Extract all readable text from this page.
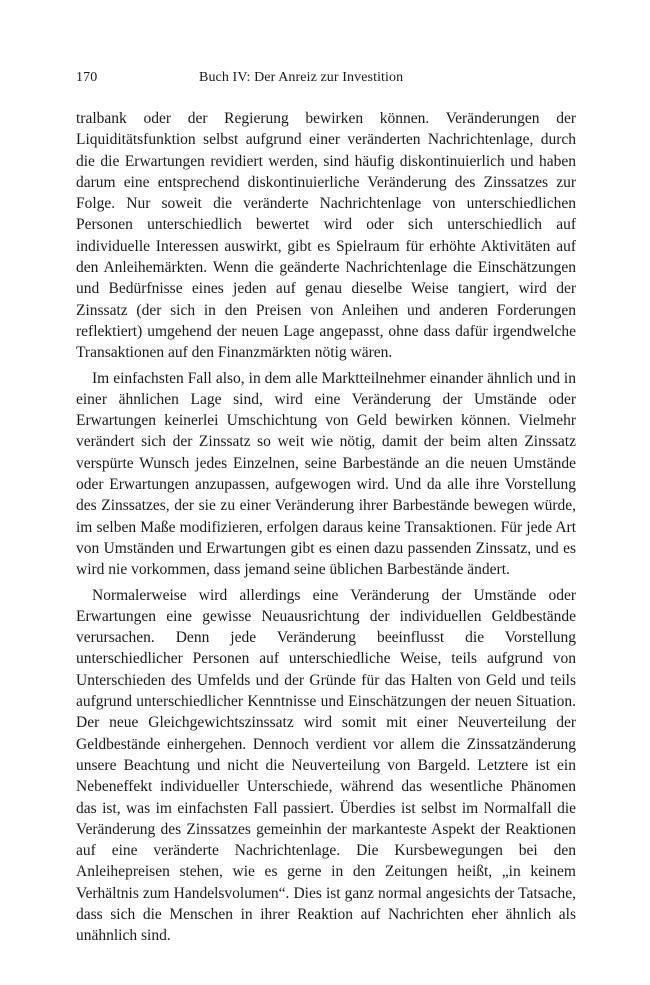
170	Buch IV: Der Anreiz zur Investition

tralbank oder der Regierung bewirken können. Veränderungen der Liquiditätsfunktion selbst aufgrund einer veränderten Nachrichtenlage, durch die die Erwartungen revidiert werden, sind häufig diskontinuierlich und haben darum eine entsprechend diskontinuierliche Veränderung des Zinssatzes zur Folge. Nur soweit die veränderte Nachrichtenlage von unterschiedlichen Personen unterschiedlich bewertet wird oder sich unterschiedlich auf individuelle Interessen auswirkt, gibt es Spielraum für erhöhte Aktivitäten auf den Anleihemärkten. Wenn die geänderte Nachrichtenlage die Einschätzungen und Bedürfnisse eines jeden auf genau dieselbe Weise tangiert, wird der Zinssatz (der sich in den Preisen von Anleihen und anderen Forderungen reflektiert) umgehend der neuen Lage angepasst, ohne dass dafür irgendwelche Transaktionen auf den Finanzmärkten nötig wären.

Im einfachsten Fall also, in dem alle Marktteilnehmer einander ähnlich und in einer ähnlichen Lage sind, wird eine Veränderung der Umstände oder Erwartungen keinerlei Umschichtung von Geld bewirken können. Vielmehr verändert sich der Zinssatz so weit wie nötig, damit der beim alten Zinssatz verspürte Wunsch jedes Einzelnen, seine Barbestände an die neuen Umstände oder Erwartungen anzupassen, aufgewogen wird. Und da alle ihre Vorstellung des Zinssatzes, der sie zu einer Veränderung ihrer Barbestände bewegen würde, im selben Maße modifizieren, erfolgen daraus keine Transaktionen. Für jede Art von Umständen und Erwartungen gibt es einen dazu passenden Zinssatz, und es wird nie vorkommen, dass jemand seine üblichen Barbestände ändert.

Normalerweise wird allerdings eine Veränderung der Umstände oder Erwartungen eine gewisse Neuausrichtung der individuellen Geldbestände verursachen. Denn jede Veränderung beeinflusst die Vorstellung unterschiedlicher Personen auf unterschiedliche Weise, teils aufgrund von Unterschieden des Umfelds und der Gründe für das Halten von Geld und teils aufgrund unterschiedlicher Kenntnisse und Einschätzungen der neuen Situation. Der neue Gleichgewichtszinssatz wird somit mit einer Neuverteilung der Geldbestände einhergehen. Dennoch verdient vor allem die Zinssatzänderung unsere Beachtung und nicht die Neuverteilung von Bargeld. Letztere ist ein Nebeneffekt individueller Unterschiede, während das wesentliche Phänomen das ist, was im einfachsten Fall passiert. Überdies ist selbst im Normalfall die Veränderung des Zinssatzes gemeinhin der markanteste Aspekt der Reaktionen auf eine veränderte Nachrichtenlage. Die Kursbewegungen bei den Anleihepreisen stehen, wie es gerne in den Zeitungen heißt, „in keinem Verhältnis zum Handelsvolumen“. Dies ist ganz normal angesichts der Tatsache, dass sich die Menschen in ihrer Reaktion auf Nachrichten eher ähnlich als unähnlich sind.
